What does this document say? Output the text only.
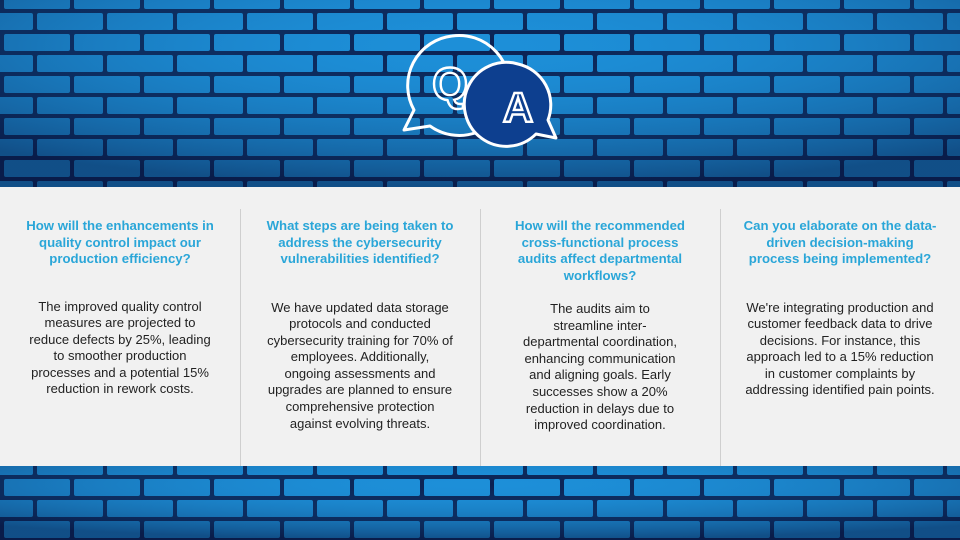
Q A
How will the enhancements in quality control impact our production efficiency?
The improved quality control measures are projected to reduce defects by 25%, leading to smoother production processes and a potential 15% reduction in rework costs.
What steps are being taken to address the cybersecurity vulnerabilities identified?
We have updated data storage protocols and conducted cybersecurity training for 70% of employees. Additionally, ongoing assessments and upgrades are planned to ensure comprehensive protection against evolving threats.
How will the recommended cross-functional process audits affect departmental workflows?
The audits aim to streamline inter-departmental coordination, enhancing communication and aligning goals. Early successes show a 20% reduction in delays due to improved coordination.
Can you elaborate on the data-driven decision-making process being implemented?
We're integrating production and customer feedback data to drive decisions. For instance, this approach led to a 15% reduction in customer complaints by addressing identified pain points.
